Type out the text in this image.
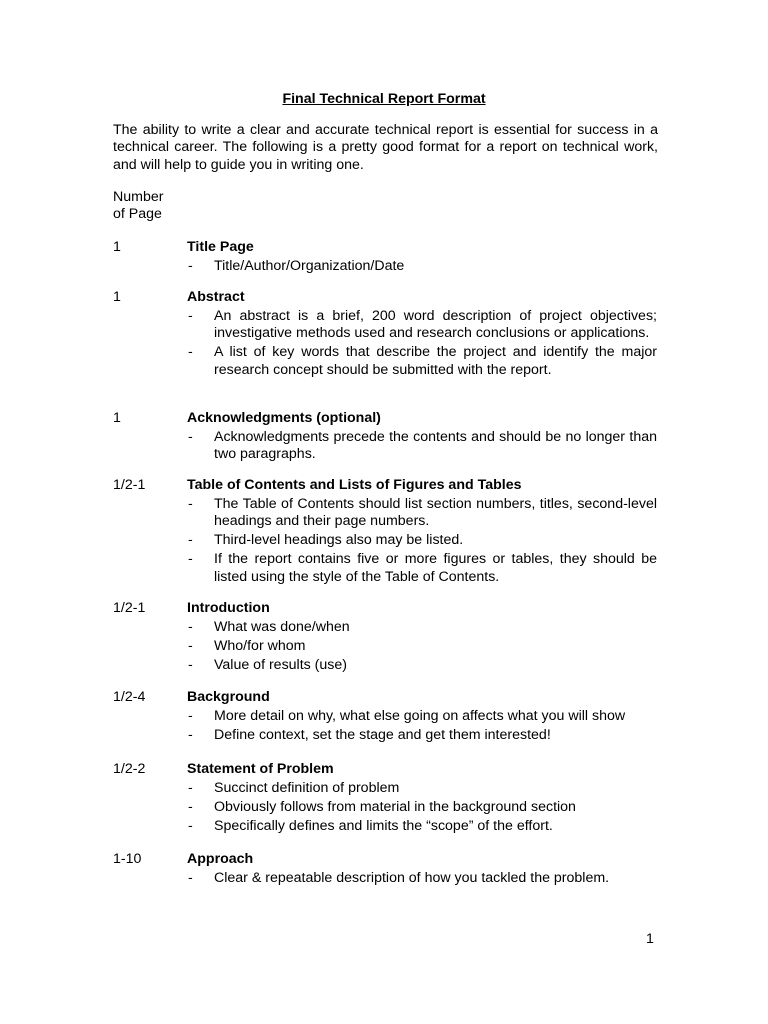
Final Technical Report Format
The ability to write a clear and accurate technical report is essential for success in a technical career. The following is a pretty good format for a report on technical work, and will help to guide you in writing one.
Number
of Page
1	Title Page
- Title/Author/Organization/Date
1	Abstract
- An abstract is a brief, 200 word description of project objectives; investigative methods used and research conclusions or applications.
- A list of key words that describe the project and identify the major research concept should be submitted with the report.
1	Acknowledgments (optional)
- Acknowledgments precede the contents and should be no longer than two paragraphs.
1/2-1	Table of Contents and Lists of Figures and Tables
- The Table of Contents should list section numbers, titles, second-level headings and their page numbers.
- Third-level headings also may be listed.
- If the report contains five or more figures or tables, they should be listed using the style of the Table of Contents.
1/2-1	Introduction
- What was done/when
- Who/for whom
- Value of results (use)
1/2-4	Background
- More detail on why, what else going on affects what you will show
- Define context, set the stage and get them interested!
1/2-2	Statement of Problem
- Succinct definition of problem
- Obviously follows from material in the background section
- Specifically defines and limits the “scope” of the effort.
1-10	Approach
- Clear & repeatable description of how you tackled the problem.
1
